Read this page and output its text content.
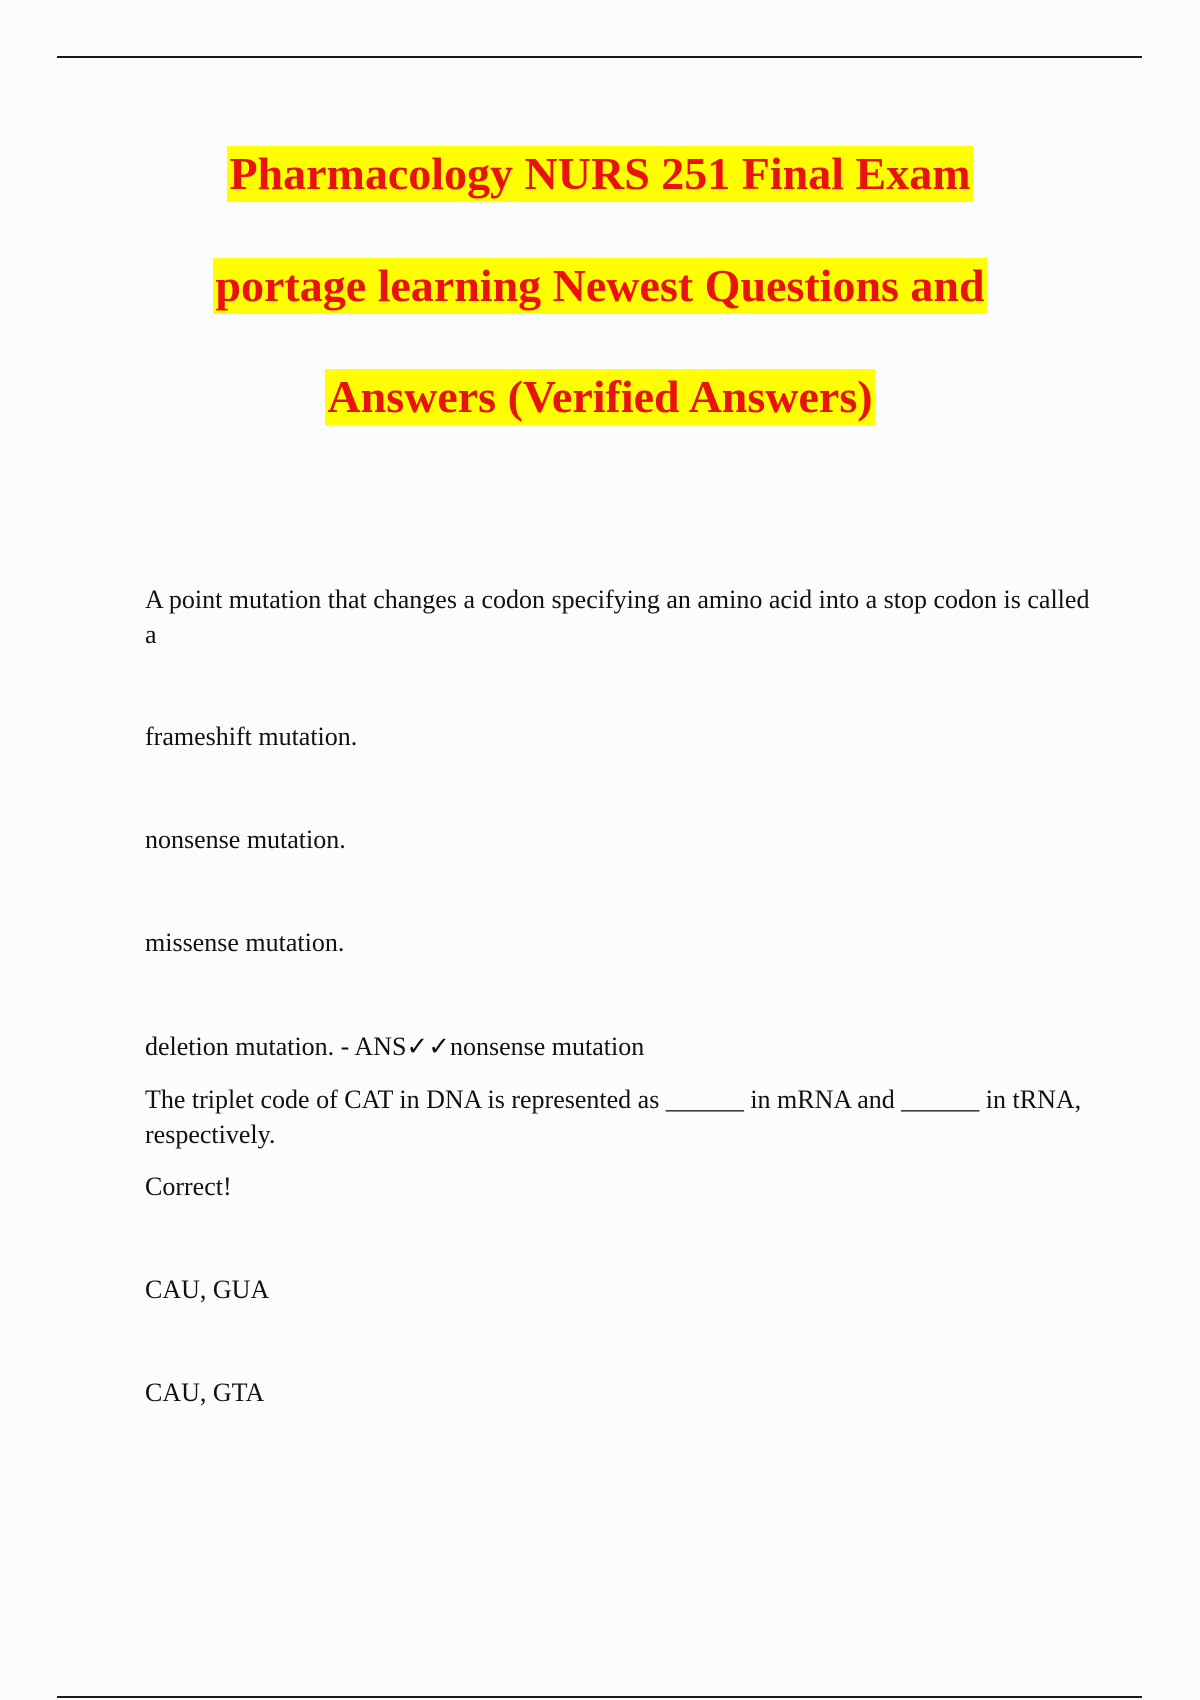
Pharmacology NURS 251 Final Exam
portage learning Newest Questions and
Answers (Verified Answers)

A point mutation that changes a codon specifying an amino acid into a stop codon is called a

frameshift mutation.

nonsense mutation.

missense mutation.

deletion mutation. - ANS✓✓nonsense mutation

The triplet code of CAT in DNA is represented as ______ in mRNA and ______ in tRNA, respectively.

Correct!

CAU, GUA

CAU, GTA
